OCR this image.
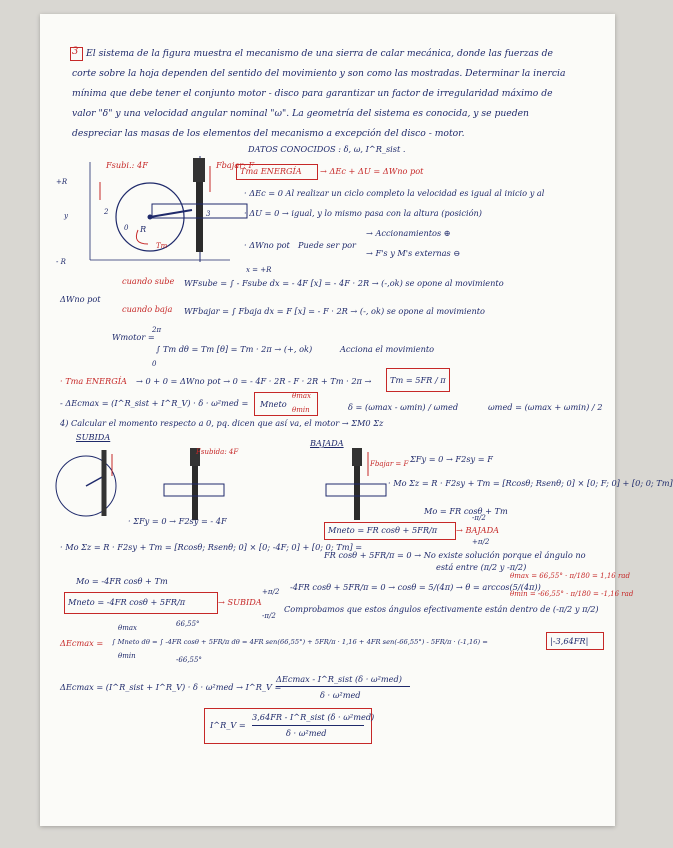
3 El sistema de la figura muestra el mecanismo de una sierra de calar mecánica, donde las fuerzas de
corte sobre la hoja dependen del sentido del movimiento y son como las mostradas. Determinar la inercia
mínima que debe tener el conjunto motor - disco para garantizar un factor de irregularidad máximo de
valor "δ" y una velocidad angular nominal "ω". La geometría del sistema es conocida, y se pueden
despreciar las masas de los elementos del mecanismo a excepción del disco - motor.
DATOS CONOCIDOS : δ, ω, I^R_sist .
Fsubi.: 4F	Fbajar: F
R
Tm
2	3
+R
- R
y
0
Tma ENERGÍA → ΔEc + ΔU = ΔWno pot
· ΔEc = 0 Al realizar un ciclo completo la velocidad es igual al inicio y al
· ΔU = 0 → igual, y lo mismo pasa con la altura (posición)
· ΔWno pot Puede ser por
→ Accionamientos ⊕
→ F's y M's externas ⊖
ΔWno pot
cuando sube WFsube = ∫ - Fsube dx = - 4F [x] = - 4F · 2R → (-,ok) se opone al movimiento
cuando baja WFbajar = ∫ Fbaja dx = F [x] = - F · 2R → (-, ok) se opone al movimiento
Wmotor =
∫ Tm dθ = Tm [θ] = Tm · 2π → (+, ok)	Acciona el movimiento
x = +R
2π
0
· Tma ENERGÍA → 0 + 0 = ΔWno pot → 0 = - 4F · 2R - F · 2R + Tm · 2π → Tm = 5FR / π
- ΔEcmax = (I^R_sist + I^R_V) · δ · ω²med = Mneto
θmax
θmin	δ = (ωmax - ωmin) / ωmed	ωmed = (ωmax + ωmin) / 2
4) Calcular el momento respecto a 0, pq. dicen que así va, el motor → ΣM0 Σz
SUBIDA
BAJADA
Fsubida: 4F
Fbajar = F ΣFy = 0 → F2sy = F
· Mo Σz = R · F2sy + Tm = [Rcosθ; Rsenθ; 0] × [0; F; 0] + [0; 0; Tm]
Mo = FR cosθ + Tm
· ΣFy = 0 → F2sy = - 4F
· Mo Σz = R · F2sy + Tm = [Rcosθ; Rsenθ; 0] × [0; -4F; 0] + [0; 0; Tm] =
Mo = -4FR cosθ + Tm
Mneto = FR cosθ + 5FR/π → BAJADA
-π/2
+π/2
FR cosθ + 5FR/π = 0 → No existe solución porque el ángulo no
está entre (π/2 y -π/2)
Mneto = -4FR cosθ + 5FR/π	→ SUBIDA
+π/2
-π/2
-4FR cosθ + 5FR/π = 0 → cosθ = 5/(4π) → θ = arccos(5/(4π))
θmax = 66,55° · π/180 = 1,16 rad
θmin = -66,55° · π/180 = -1,16 rad
Comprobamos que estos ángulos efectivamente están dentro de (-π/2 y π/2)
ΔEcmax =
66,55°
-66,55°
θmax
θmin
∫ Mneto dθ = ∫ -4FR cosθ + 5FR/π dθ = 4FR sen(66,55°) + 5FR/π · 1,16 + 4FR sen(-66,55°) - 5FR/π · (-1,16) =	|-3,64FR|
ΔEcmax = (I^R_sist + I^R_V) · δ · ω²med → I^R_V =
ΔEcmax - I^R_sist (δ · ω²med)
δ · ω²med
I^R_V =
3,64FR - I^R_sist (δ · ω²med)
δ · ω²med
